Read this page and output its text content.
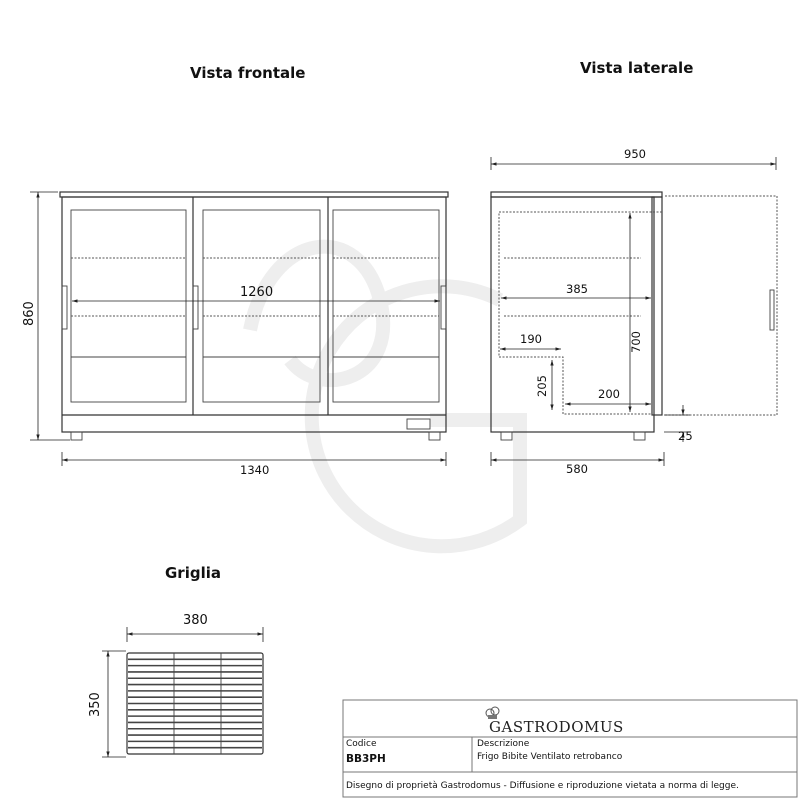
Vista frontale	Vista laterale
Griglia
1260
860
1340
950
385
700
190
205	200
25
580
380
350
GASTRODOMUS
Codice
BB3PH
Descrizione
Frigo Bibite Ventilato retrobanco
Disegno di proprietà Gastrodomus - Diffusione e riproduzione vietata a norma di legge.
